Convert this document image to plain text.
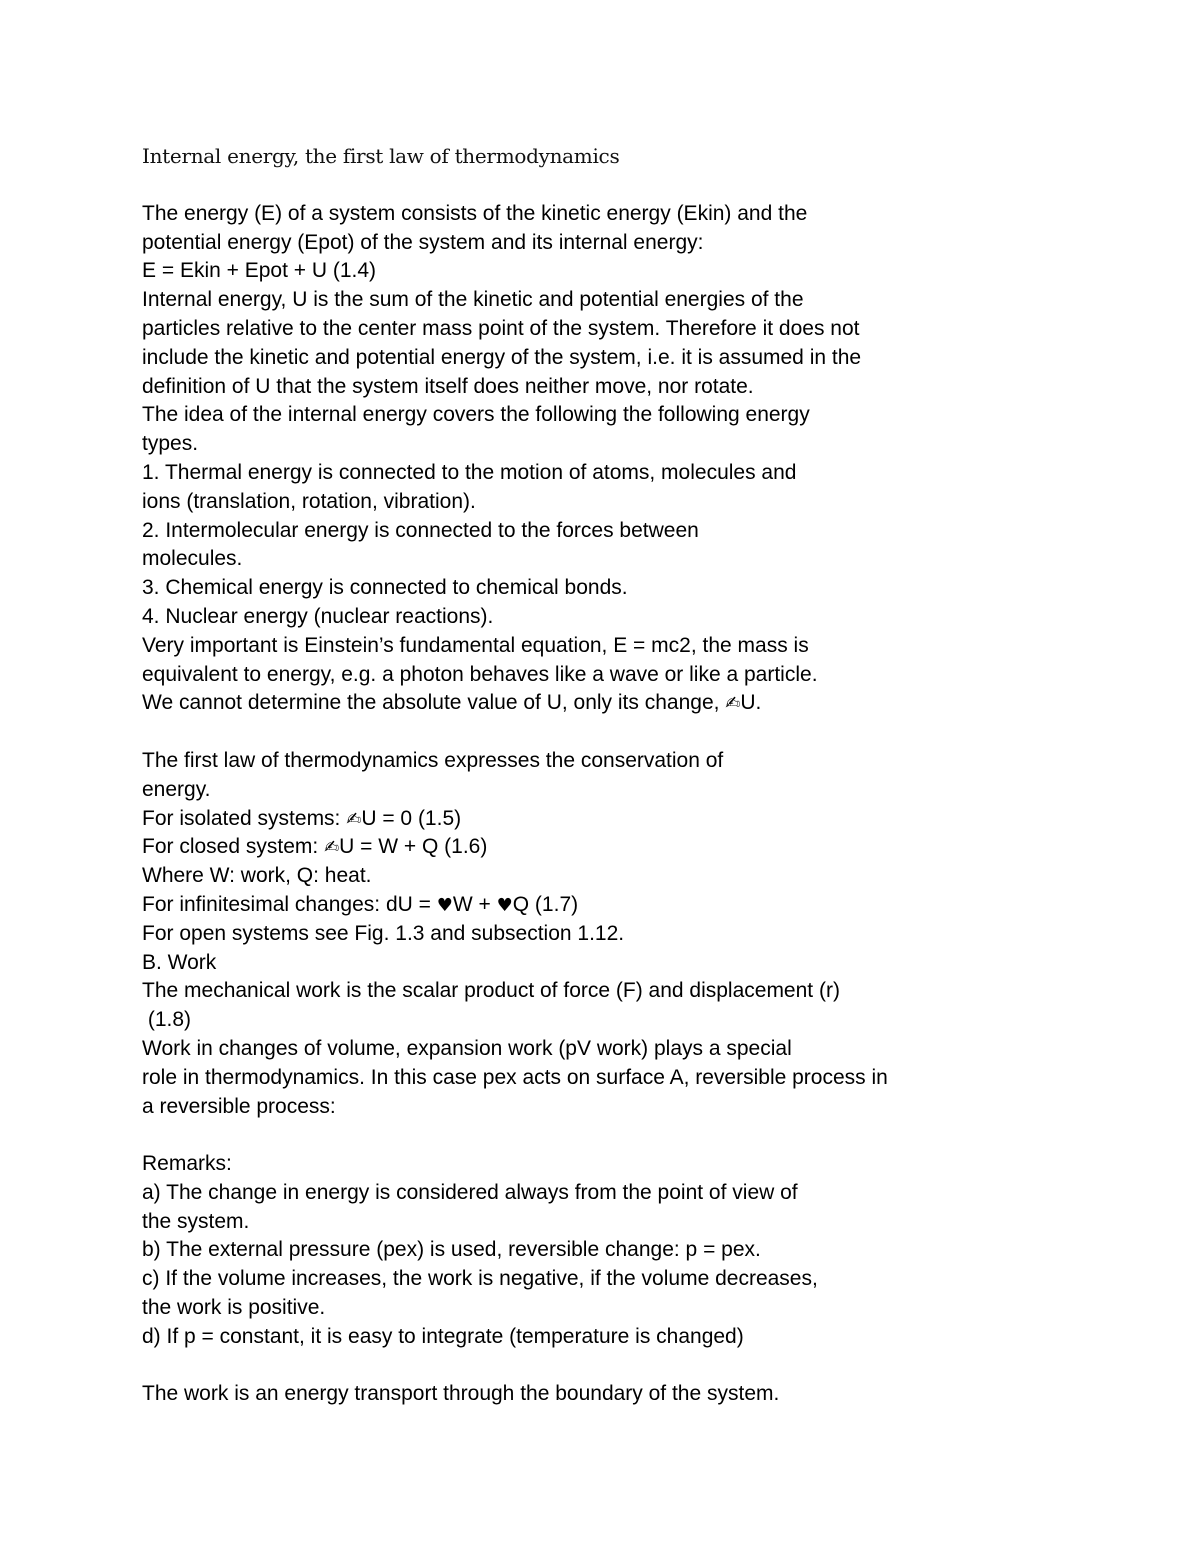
Internal energy, the first law of thermodynamics
The energy (E) of a system consists of the kinetic energy (Ekin) and the
potential energy (Epot) of the system and its internal energy:
E = Ekin + Epot + U (1.4)
Internal energy, U is the sum of the kinetic and potential energies of the
particles relative to the center mass point of the system. Therefore it does not
include the kinetic and potential energy of the system, i.e. it is assumed in the
definition of U that the system itself does neither move, nor rotate.
The idea of the internal energy covers the following the following energy
types.
1. Thermal energy is connected to the motion of atoms, molecules and
ions (translation, rotation, vibration).
2. Intermolecular energy is connected to the forces between
molecules.
3. Chemical energy is connected to chemical bonds.
4. Nuclear energy (nuclear reactions).
Very important is Einstein’s fundamental equation, E = mc2, the mass is
equivalent to energy, e.g. a photon behaves like a wave or like a particle.
We cannot determine the absolute value of U, only its change, ✍U.
The first law of thermodynamics expresses the conservation of
energy.
For isolated systems: ✍U = 0 (1.5)
For closed system: ✍U = W + Q (1.6)
Where W: work, Q: heat.
For infinitesimal changes: dU = ♥W + ♥Q (1.7)
For open systems see Fig. 1.3 and subsection 1.12.
B. Work
The mechanical work is the scalar product of force (F) and displacement (r)
(1.8)
Work in changes of volume, expansion work (pV work) plays a special
role in thermodynamics. In this case pex acts on surface A, reversible process in
a reversible process:
Remarks:
a) The change in energy is considered always from the point of view of
the system.
b) The external pressure (pex) is used, reversible change: p = pex.
c) If the volume increases, the work is negative, if the volume decreases,
the work is positive.
d) If p = constant, it is easy to integrate (temperature is changed)
The work is an energy transport through the boundary of the system.
